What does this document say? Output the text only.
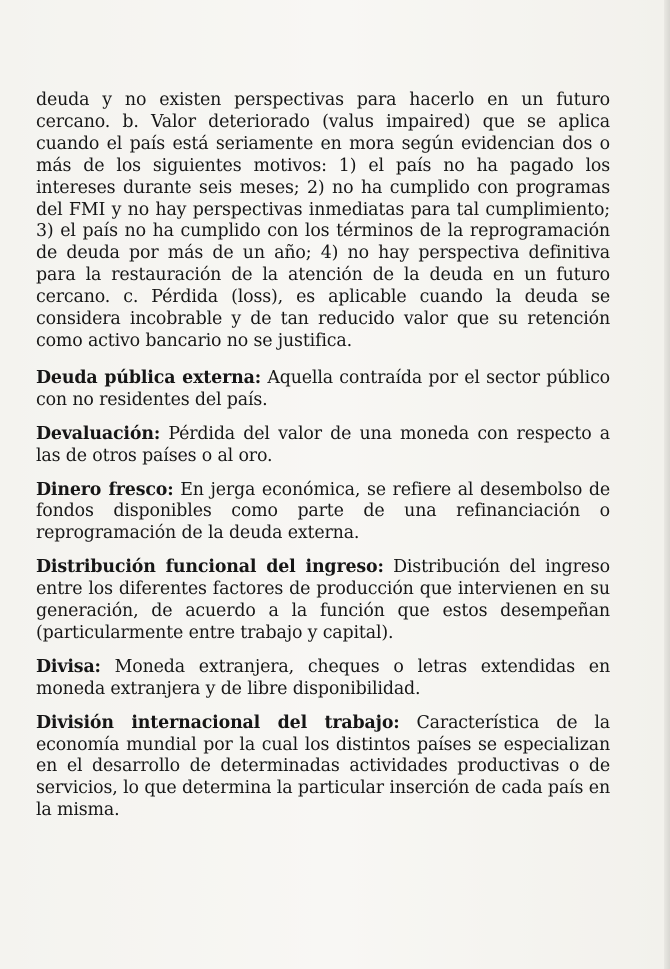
deuda y no existen perspectivas para hacerlo en un futuro cercano. b. Valor deteriorado (valus impaired) que se aplica cuando el país está seriamente en mora según evidencian dos o más de los siguientes motivos: 1) el país no ha pagado los intereses durante seis meses; 2) no ha cumplido con programas del FMI y no hay perspectivas inmediatas para tal cumplimiento; 3) el país no ha cumplido con los términos de la reprogramación de deuda por más de un año; 4) no hay perspectiva definitiva para la restauración de la atención de la deuda en un futuro cercano. c. Pérdida (loss), es aplicable cuando la deuda se considera incobrable y de tan reducido valor que su retención como activo bancario no se justifica.

Deuda pública externa: Aquella contraída por el sector público con no residentes del país.

Devaluación: Pérdida del valor de una moneda con respecto a las de otros países o al oro.

Dinero fresco: En jerga económica, se refiere al desembolso de fondos disponibles como parte de una refinanciación o reprogramación de la deuda externa.

Distribución funcional del ingreso: Distribución del ingreso entre los diferentes factores de producción que intervienen en su generación, de acuerdo a la función que estos desempeñan (particularmente entre trabajo y capital).

Divisa: Moneda extranjera, cheques o letras extendidas en moneda extranjera y de libre disponibilidad.

División internacional del trabajo: Característica de la economía mundial por la cual los distintos países se especializan en el desarrollo de determinadas actividades productivas o de servicios, lo que determina la particular inserción de cada país en la misma.
